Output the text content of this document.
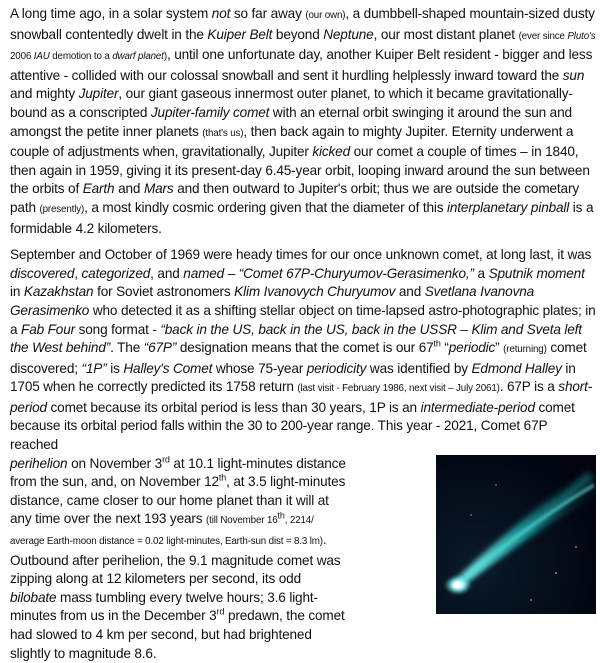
A long time ago, in a solar system not so far away (our own), a dumbbell-shaped mountain-sized dusty snowball contentedly dwelt in the Kuiper Belt beyond Neptune, our most distant planet (ever since Pluto's 2006 IAU demotion to a dwarf planet), until one unfortunate day, another Kuiper Belt resident - bigger and less attentive - collided with our colossal snowball and sent it hurdling helplessly inward toward the sun and mighty Jupiter, our giant gaseous innermost outer planet, to which it became gravitationally-bound as a conscripted Jupiter-family comet with an eternal orbit swinging it around the sun and amongst the petite inner planets (that's us), then back again to mighty Jupiter. Eternity underwent a couple of adjustments when, gravitationally, Jupiter kicked our comet a couple of times – in 1840, then again in 1959, giving it its present-day 6.45-year orbit, looping inward around the sun between the orbits of Earth and Mars and then outward to Jupiter's orbit; thus we are outside the cometary path (presently), a most kindly cosmic ordering given that the diameter of this interplanetary pinball is a formidable 4.2 kilometers.

September and October of 1969 were heady times for our once unknown comet, at long last, it was discovered, categorized, and named – “Comet 67P-Churyumov-Gerasimenko,” a Sputnik moment in Kazakhstan for Soviet astronomers Klim Ivanovych Churyumov and Svetlana Ivanovna Gerasimenko who detected it as a shifting stellar object on time-lapsed astro-photographic plates; in a Fab Four song format - “back in the US, back in the US, back in the USSR – Klim and Sveta left the West behind”. The “67P” designation means that the comet is our 67th “periodic” (returning) comet discovered; “1P” is Halley's Comet whose 75-year periodicity was identified by Edmond Halley in 1705 when he correctly predicted its 1758 return (last visit - February 1986, next visit – July 2061). 67P is a short-period comet because its orbital period is less than 30 years, 1P is an intermediate-period comet because its orbital period falls within the 30 to 200-year range. This year - 2021, Comet 67P reached

perihelion on November 3rd at 10.1 light-minutes distance from the sun, and, on November 12th, at 3.5 light-minutes distance, came closer to our home planet than it will at any time over the next 193 years (till November 16th, 2214/ average Earth-moon distance = 0.02 light-minutes, Earth-sun dist = 8.3 lm). Outbound after perihelion, the 9.1 magnitude comet was zipping along at 12 kilometers per second, its odd bilobate mass tumbling every twelve hours; 3.6 light-minutes from us in the December 3rd predawn, the comet had slowed to 4 km per second, but had brightened slightly to magnitude 8.6.
